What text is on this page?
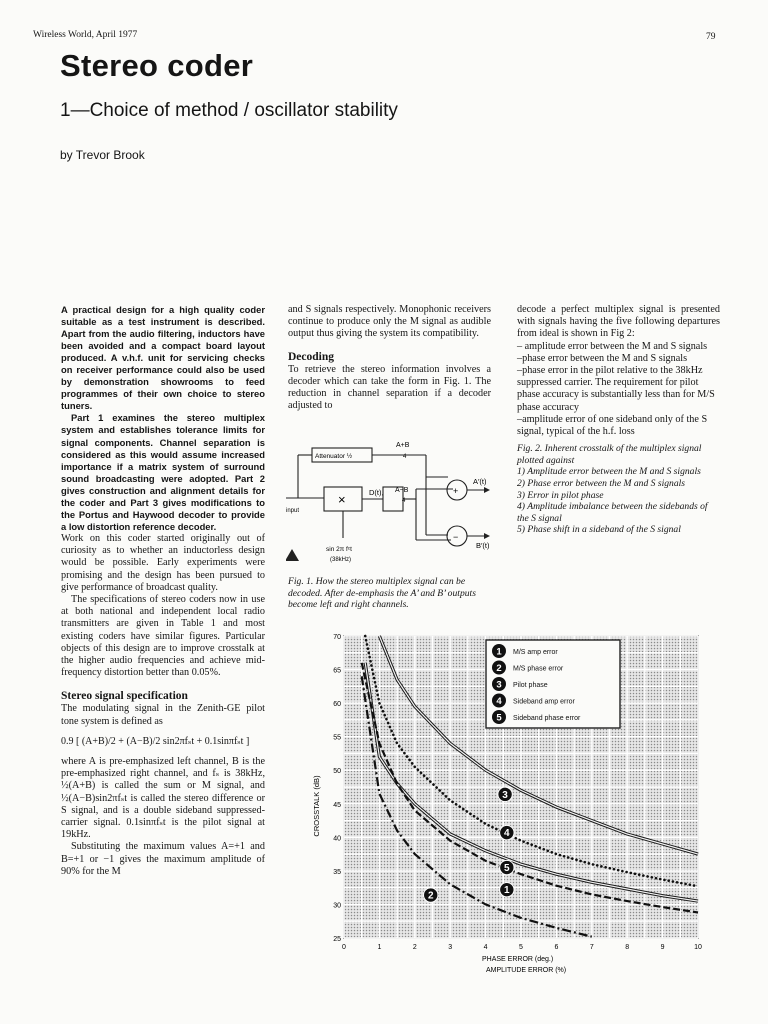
Wireless World, April 1977	79
Stereo coder
1—Choice of method / oscillator stability
by Trevor Brook

A practical design for a high quality coder suitable as a test instrument is described. Apart from the audio filtering, inductors have been avoided and a compact board layout produced. A v.h.f. unit for servicing checks on receiver performance could also be used by demonstration showrooms to feed programmes of their own choice to stereo tuners.

Part 1 examines the stereo multiplex system and establishes tolerance limits for signal components. Channel separation is considered as this would assume increased importance if a matrix system of surround sound broadcasting were adopted. Part 2 gives construction and alignment details for the coder and Part 3 gives modifications to the Portus and Haywood decoder to provide a low distortion reference decoder.

Work on this coder started originally out of curiosity as to whether an inductorless design would be possible. Early experiments were promising and the design has been pursued to give performance of broadcast quality.

The specifications of stereo coders now in use at both national and independent local radio transmitters are given in Table 1 and most existing coders have similar figures. Particular objects of this design are to improve crosstalk at the higher audio frequencies and achieve mid-frequency distortion better than 0.05%.

Stereo signal specification

The modulating signal in the Zenith-GE pilot tone system is defined as

0.9 [ (A+B)/2 + (A−B)/2 sin2πfₛt + 0.1sinπfₛt ]

where A is pre-emphasized left channel, B is the pre-emphasized right channel, and fₛ is 38kHz, ½(A+B) is called the sum or M signal, and ½(A−B)sin2πfₛt is called the stereo difference or S signal, and is a double sideband suppressed-carrier signal. 0.1sinπfₛt is the pilot signal at 19kHz.

Substituting the maximum values A=+1 and B=+1 or −1 gives the maximum amplitude of 90% for the M

and S signals respectively. Monophonic receivers continue to produce only the M signal as audible output thus giving the system its compatibility.

Decoding

To retrieve the stereo information involves a decoder which can take the form in Fig. 1. The reduction in channel separation if a decoder adjusted to

Attenuator ½
A+B
4
×	D(t), A−B
4
input
+
−
A′(t)
B′(t)
sin 2π fᶜt
(38kHz)
Fig. 1. How the stereo multiplex signal can be decoded. After de-emphasis the A’ and B’ outputs become left and right channels.

decode a perfect multiplex signal is presented with signals having the five following departures from ideal is shown in Fig 2:

– amplitude error between the M and S signals

–phase error between the M and S signals

–phase error in the pilot relative to the 38kHz suppressed carrier. The requirement for pilot phase accuracy is substantially less than for M/S phase accuracy

–amplitude error of one sideband only of the S signal, typical of the h.f. loss

Fig. 2. Inherent crosstalk of the multiplex signal plotted against

1) Amplitude error between the M and S signals

2) Phase error between the M and S signals

3) Error in pilot phase

4) Amplitude imbalance between the sidebands of the S signal

5) Phase shift in a sideband of the S signal

1
2
3
4
5
0	1	2	3	4	5	6	7	8	9	10
25
30
35
40
45
50
55
60
65
70
1 M/S amp error
2 M/S phase error
3 Pilot phase
4 Sideband amp error
5 Sideband phase error
CROSSTALK (dB)
PHASE ERROR (deg.)
AMPLITUDE ERROR (%)
